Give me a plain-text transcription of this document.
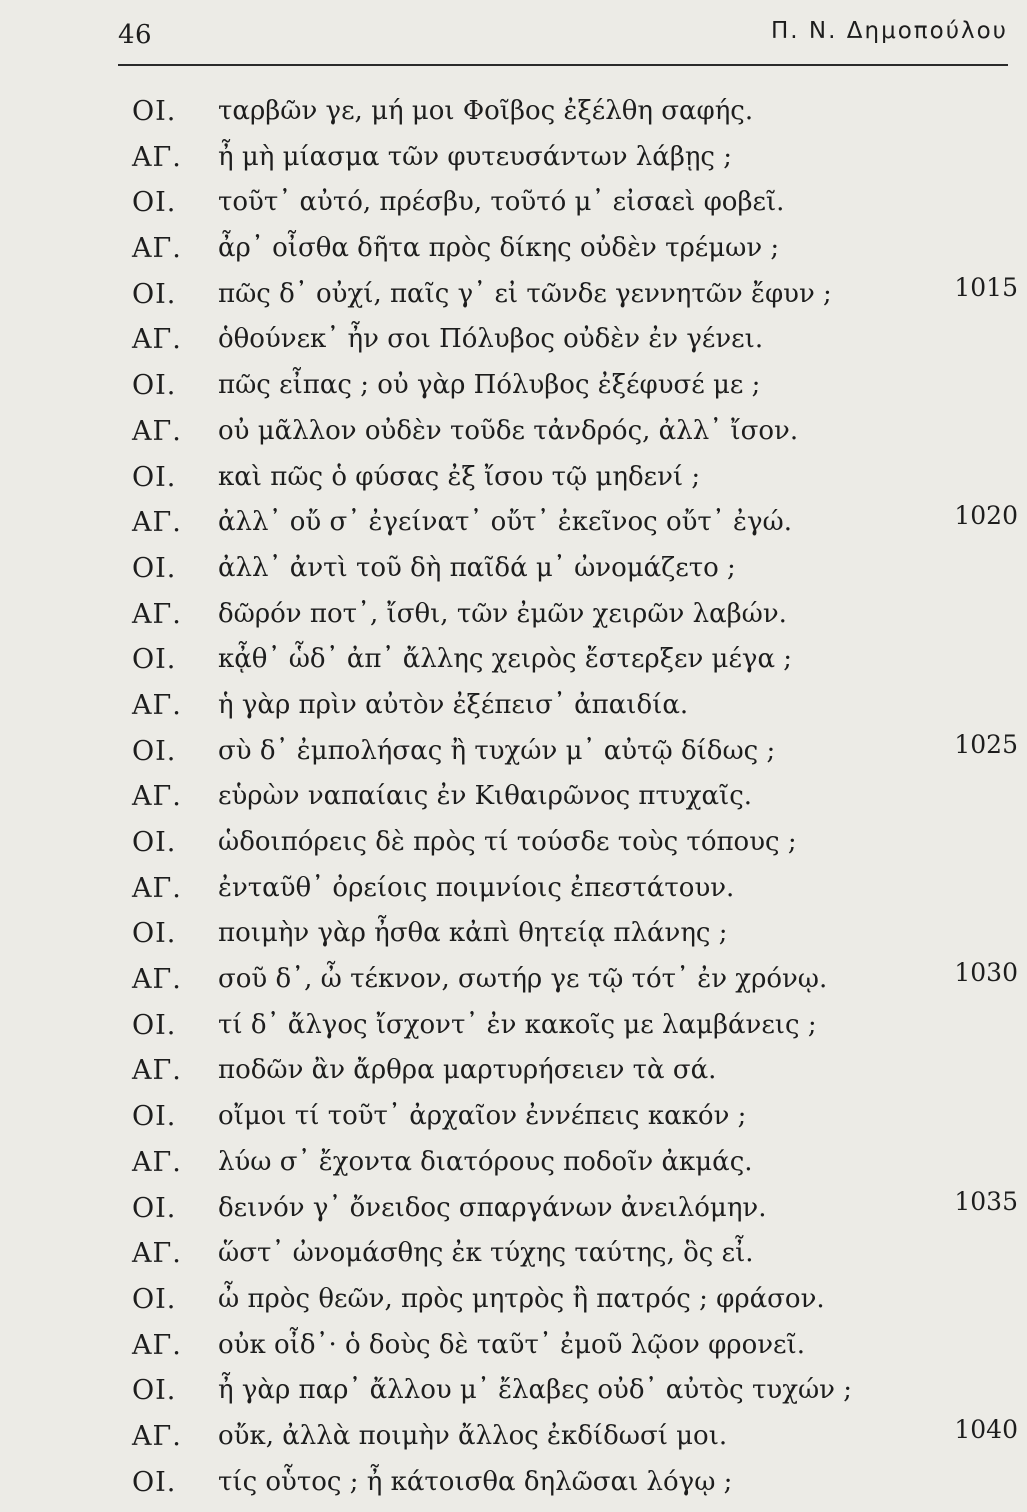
46	Π. Ν. Δημοπούλου
ΟΙ. ταρβῶν γε, μή μοι Φοῖβος ἐξέλθη σαφής.
ΑΓ. ἦ μὴ μίασμα τῶν φυτευσάντων λάβῃς ;
ΟΙ. τοῦτ᾿ αὐτό, πρέσβυ, τοῦτό μ᾿ εἰσαεὶ φοβεῖ.
ΑΓ. ἆρ᾿ οἶσθα δῆτα πρὸς δίκης οὐδὲν τρέμων ;
ΟΙ. πῶς δ᾿ οὐχί, παῖς γ᾿ εἰ τῶνδε γεννητῶν ἔφυν ;	1015
ΑΓ. ὁθούνεκ᾿ ἦν σοι Πόλυβος οὐδὲν ἐν γένει.
ΟΙ. πῶς εἶπας ; οὐ γὰρ Πόλυβος ἐξέφυσέ με ;
ΑΓ. οὐ μᾶλλον οὐδὲν τοῦδε τἀνδρός, ἀλλ᾿ ἴσον.
ΟΙ. καὶ πῶς ὁ φύσας ἐξ ἴσου τῷ μηδενί ;
ΑΓ. ἀλλ᾿ οὔ σ᾿ ἐγείνατ᾿ οὔτ᾿ ἐκεῖνος οὔτ᾿ ἐγώ.	1020
ΟΙ. ἀλλ᾿ ἀντὶ τοῦ δὴ παῖδά μ᾿ ὠνομάζετο ;
ΑΓ. δῶρόν ποτ᾿, ἴσθι, τῶν ἐμῶν χειρῶν λαβών.
ΟΙ. κᾆθ᾿ ὧδ᾿ ἀπ᾿ ἄλλης χειρὸς ἔστερξεν μέγα ;
ΑΓ. ἡ γὰρ πρὶν αὐτὸν ἐξέπεισ᾿ ἀπαιδία.
ΟΙ. σὺ δ᾿ ἐμπολήσας ἢ τυχών μ᾿ αὐτῷ δίδως ;	1025
ΑΓ. εὑρὼν ναπαίαις ἐν Κιθαιρῶνος πτυχαῖς.
ΟΙ. ὡδοιπόρεις δὲ πρὸς τί τούσδε τοὺς τόπους ;
ΑΓ. ἐνταῦθ᾿ ὀρείοις ποιμνίοις ἐπεστάτουν.
ΟΙ. ποιμὴν γὰρ ἦσθα κἀπὶ θητείᾳ πλάνης ;
ΑΓ. σοῦ δ᾿, ὦ τέκνον, σωτήρ γε τῷ τότ᾿ ἐν χρόνῳ.	1030
ΟΙ. τί δ᾿ ἄλγος ἴσχοντ᾿ ἐν κακοῖς με λαμβάνεις ;
ΑΓ. ποδῶν ἂν ἄρθρα μαρτυρήσειεν τὰ σά.
ΟΙ. οἴμοι τί τοῦτ᾿ ἀρχαῖον ἐννέπεις κακόν ;
ΑΓ. λύω σ᾿ ἔχοντα διατόρους ποδοῖν ἀκμάς.
ΟΙ. δεινόν γ᾿ ὄνειδος σπαργάνων ἀνειλόμην.	1035
ΑΓ. ὥστ᾿ ὠνομάσθης ἐκ τύχης ταύτης, ὃς εἶ.
ΟΙ. ὦ πρὸς θεῶν, πρὸς μητρὸς ἢ πατρός ; φράσον.
ΑΓ. οὐκ οἶδ᾿· ὁ δοὺς δὲ ταῦτ᾿ ἐμοῦ λῷον φρονεῖ.
ΟΙ. ἦ γὰρ παρ᾿ ἄλλου μ᾿ ἔλαβες οὐδ᾿ αὐτὸς τυχών ;
ΑΓ. οὔκ, ἀλλὰ ποιμὴν ἄλλος ἐκδίδωσί μοι.	1040
ΟΙ. τίς οὗτος ; ἦ κάτοισθα δηλῶσαι λόγῳ ;
